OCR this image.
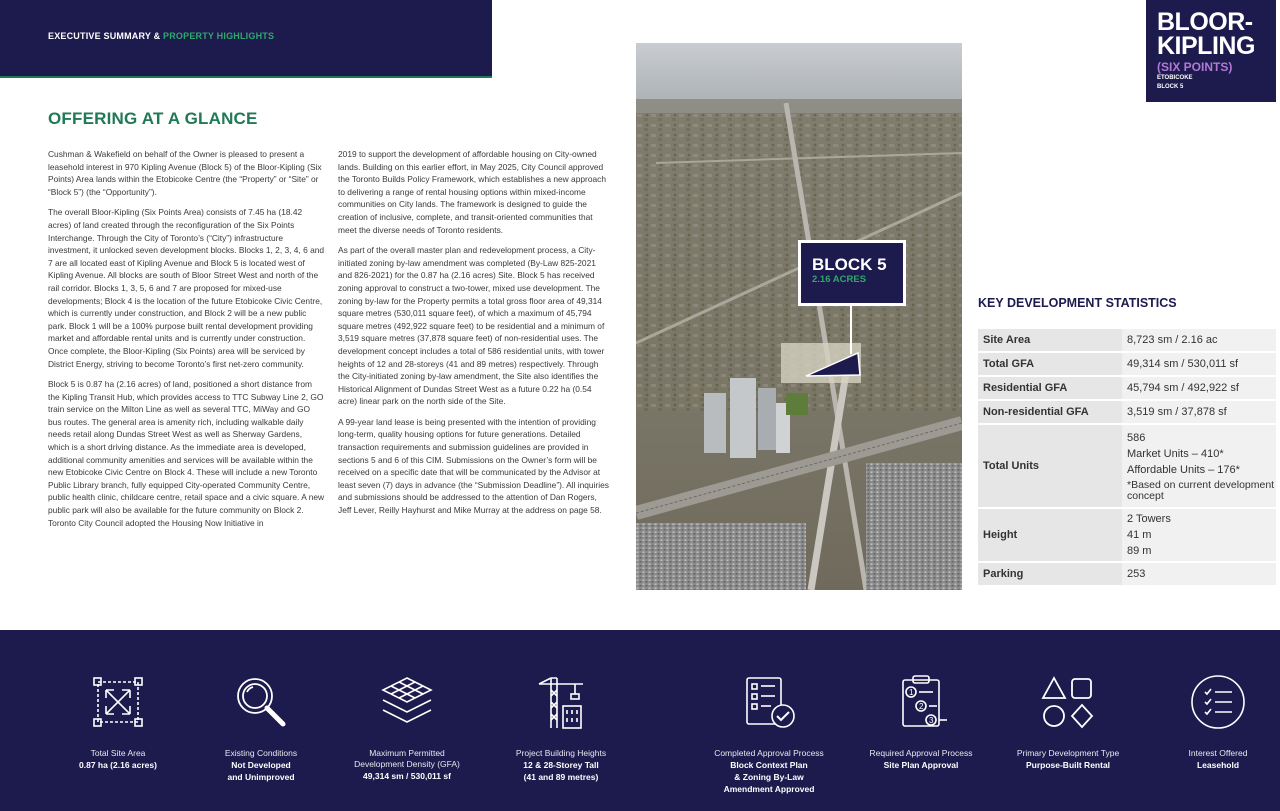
EXECUTIVE SUMMARY & PROPERTY HIGHLIGHTS	BLOOR-
KIPLING
(SIX POINTS)
ETOBICOKE
BLOCK 5
OFFERING AT A GLANCE

Cushman & Wakefield on behalf of the Owner is pleased to present a leasehold interest in 970 Kipling Avenue (Block 5) of the Bloor-Kipling (Six Points) Area lands within the Etobicoke Centre (the “Property” or “Site” or “Block 5”) (the “Opportunity”).

The overall Bloor-Kipling (Six Points Area) consists of 7.45 ha (18.42 acres) of land created through the reconfiguration of the Six Points Interchange. Through the City of Toronto’s (“City”) infrastructure investment, it unlocked seven development blocks. Blocks 1, 2, 3, 4, 6 and 7 are all located east of Kipling Avenue and Block 5 is located west of Kipling Avenue. All blocks are south of Bloor Street West and north of the rail corridor. Blocks 1, 3, 5, 6 and 7 are proposed for mixed-use developments; Block 4 is the location of the future Etobicoke Civic Centre, which is currently under construction, and Block 2 will be a new public park. Block 1 will be a 100% purpose built rental development providing market and affordable rental units and is currently under construction. Once complete, the Bloor-Kipling (Six Points) area will be serviced by District Energy, striving to become Toronto’s first net-zero community.

Block 5 is 0.87 ha (2.16 acres) of land, positioned a short distance from the Kipling Transit Hub, which provides access to TTC Subway Line 2, GO train service on the Milton Line as well as several TTC, MiWay and GO bus routes. The general area is amenity rich, including walkable daily needs retail along Dundas Street West as well as Sherway Gardens, which is a short driving distance. As the immediate area is developed, additional community amenities and services will be available within the new Etobicoke Civic Centre on Block 4. These will include a new Toronto Public Library branch, fully equipped City-operated Community Centre, public health clinic, childcare centre, retail space and a civic square. A new public park will also be available for the future community on Block 2. Toronto City Council adopted the Housing Now Initiative in

2019 to support the development of affordable housing on City-owned lands. Building on this earlier effort, in May 2025, City Council approved the Toronto Builds Policy Framework, which establishes a new approach to delivering a range of rental housing options within mixed-income communities on City lands. The framework is designed to guide the creation of inclusive, complete, and transit-oriented communities that meet the diverse needs of Toronto residents.

As part of the overall master plan and redevelopment process, a City-initiated zoning by-law amendment was completed (By-Law 825-2021 and 826-2021) for the 0.87 ha (2.16 acres) Site. Block 5 has received zoning approval to construct a two-tower, mixed use development. The zoning by-law for the Property permits a total gross floor area of 49,314 square metres (530,011 square feet), of which a maximum of 45,794 square metres (492,922 square feet) to be residential and a minimum of 3,519 square metres (37,878 square feet) of non-residential uses. The development concept includes a total of 586 residential units, with tower heights of 12 and 28-storeys (41 and 89 metres) respectively. Through the City-initiated zoning by-law amendment, the Site also identifies the Historical Alignment of Dundas Street West as a future 0.22 ha (0.54 acre) linear park on the north side of the Site.

A 99-year land lease is being presented with the intention of providing long-term, quality housing options for future generations. Detailed transaction requirements and submission guidelines are provided in sections 5 and 6 of this CIM. Submissions on the Owner’s form will be received on a specific date that will be communicated by the Advisor at least seven (7) days in advance (the “Submission Deadline”). All inquiries and submissions should be addressed to the attention of Dan Rogers, Jeff Lever, Reilly Hayhurst and Mike Murray at the address on page 58.

BLOCK 5
2.16 ACRES
KEY DEVELOPMENT STATISTICS
Site Area	8,723 sm / 2.16 ac
Total GFA	49,314 sm / 530,011 sf
Residential GFA	45,794 sm / 492,922 sf
Non-residential GFA	3,519 sm / 37,878 sf
Total Units	586
Market Units – 410*
Affordable Units – 176*
*Based on current development concept

Height	2 Towers
41 m
89 m

Parking	253
Total Site Area
0.87 ha (2.16 acres)
Existing Conditions
Not Developed
and Unimproved
Maximum Permitted
Development Density (GFA)
49,314 sm / 530,011 sf
Project Building Heights
12 & 28-Storey Tall
(41 and 89 metres)
Completed Approval Process
Block Context Plan
& Zoning By-Law
Amendment Approved
1
2
3
Required Approval Process
Site Plan Approval
Primary Development Type
Purpose-Built Rental
Interest Offered
Leasehold
